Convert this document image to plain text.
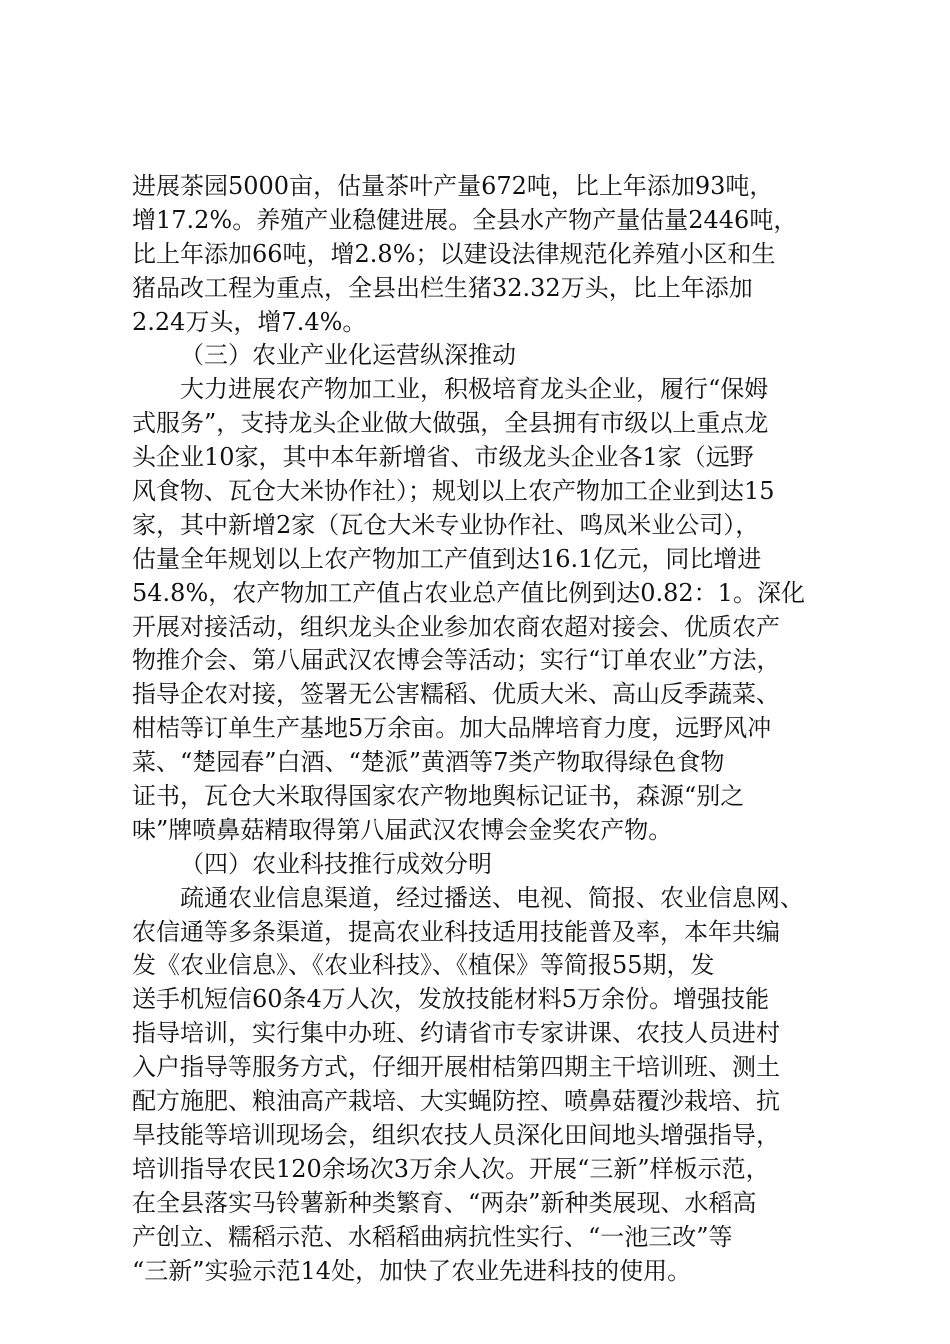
进展茶园5000亩，估量茶叶产量672吨，比上年添加93吨，
增17.2%。养殖产业稳健进展。全县水产物产量估量2446吨，
比上年添加66吨，增2.8%；以建设法律规范化养殖小区和生
猪品改工程为重点，全县出栏生猪32.32万头，比上年添加
2.24万头，增7.4%。
（三）农业产业化运营纵深推动
大力进展农产物加工业，积极培育龙头企业，履行“保姆
式服务”，支持龙头企业做大做强，全县拥有市级以上重点龙
头企业10家，其中本年新增省、市级龙头企业各1家（远野
风食物、瓦仓大米协作社）；规划以上农产物加工企业到达15
家，其中新增2家（瓦仓大米专业协作社、鸣凤米业公司），
估量全年规划以上农产物加工产值到达16.1亿元，同比增进
54.8%，农产物加工产值占农业总产值比例到达0.82：1。深化
开展对接活动，组织龙头企业参加农商农超对接会、优质农产
物推介会、第八届武汉农博会等活动；实行“订单农业”方法，
指导企农对接，签署无公害糯稻、优质大米、高山反季蔬菜、
柑桔等订单生产基地5万余亩。加大品牌培育力度，远野风冲
菜、“楚园春”白酒、“楚派”黄酒等7类产物取得绿色食物
证书，瓦仓大米取得国家农产物地舆标记证书，森源“别之
味”牌喷鼻菇精取得第八届武汉农博会金奖农产物。
（四）农业科技推行成效分明
疏通农业信息渠道，经过播送、电视、简报、农业信息网、
农信通等多条渠道，提高农业科技适用技能普及率，本年共编
发《农业信息》、《农业科技》、《植保》等简报55期，发
送手机短信60条4万人次，发放技能材料5万余份。增强技能
指导培训，实行集中办班、约请省市专家讲课、农技人员进村
入户指导等服务方式，仔细开展柑桔第四期主干培训班、测土
配方施肥、粮油高产栽培、大实蝇防控、喷鼻菇覆沙栽培、抗
旱技能等培训现场会，组织农技人员深化田间地头增强指导，
培训指导农民120余场次3万余人次。开展“三新”样板示范，
在全县落实马铃薯新种类繁育、“两杂”新种类展现、水稻高
产创立、糯稻示范、水稻稻曲病抗性实行、“一池三改”等
“三新”实验示范14处，加快了农业先进科技的使用。
